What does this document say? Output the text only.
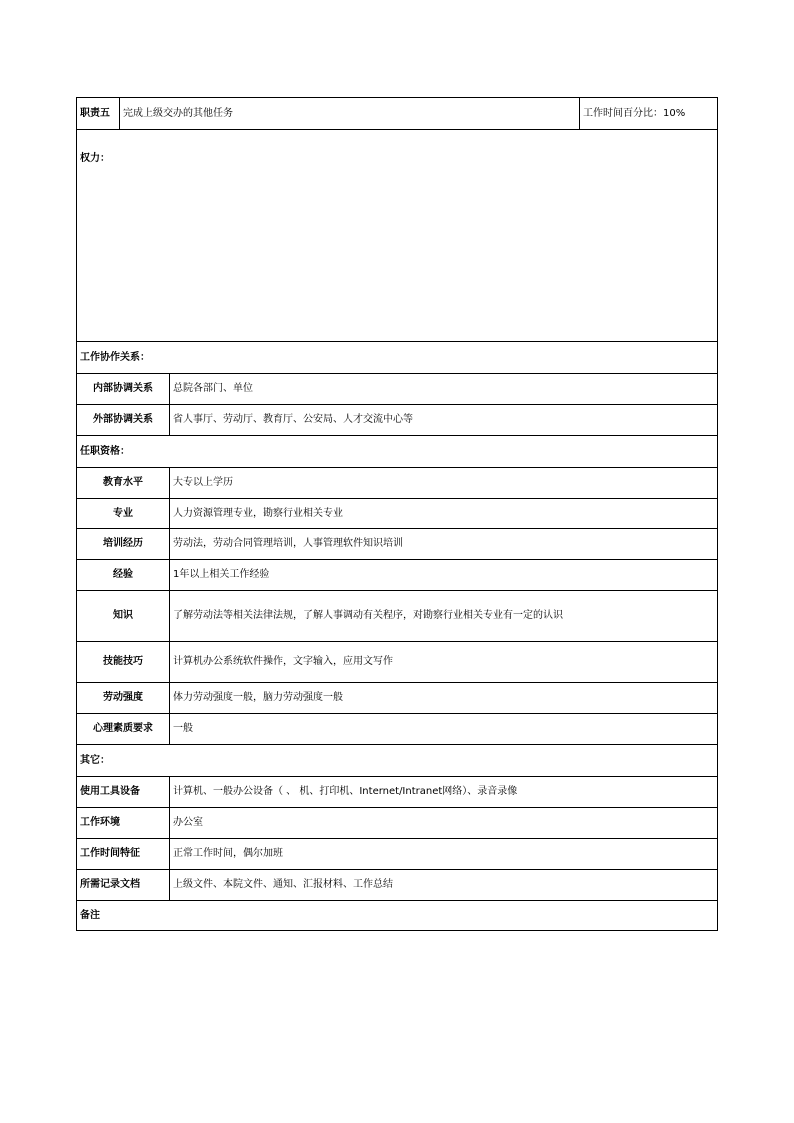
职责五	完成上级交办的其他任务	工作时间百分比：10%
权力：
工作协作关系：
内部协调关系	总院各部门、单位
外部协调关系	省人事厅、劳动厅、教育厅、公安局、人才交流中心等
任职资格：
教育水平	大专以上学历
专业	人力资源管理专业，勘察行业相关专业
培训经历	劳动法，劳动合同管理培训，人事管理软件知识培训
经验	1年以上相关工作经验
知识	了解劳动法等相关法律法规，了解人事调动有关程序，对勘察行业相关专业有一定的认识
技能技巧	计算机办公系统软件操作，文字输入，应用文写作
劳动强度	体力劳动强度一般，脑力劳动强度一般
心理素质要求	一般
其它：
使用工具设备	计算机、一般办公设备（ 、 机、打印机、Internet/Intranet网络）、录音录像
工作环境	办公室
工作时间特征	正常工作时间，偶尔加班
所需记录文档	上级文件、本院文件、通知、汇报材料、工作总结
备注
